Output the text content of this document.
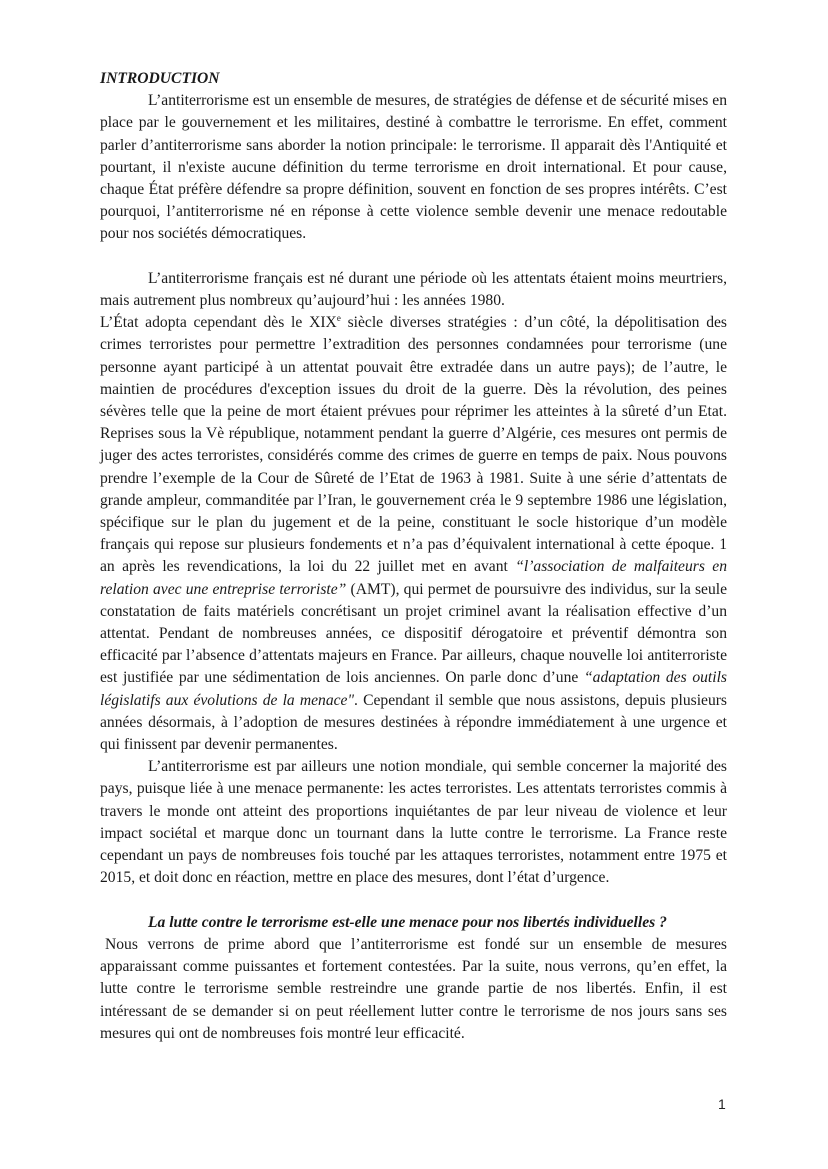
INTRODUCTION

L’antiterrorisme est un ensemble de mesures, de stratégies de défense et de sécurité mises en place par le gouvernement et les militaires, destiné à combattre le terrorisme. En effet, comment parler d’antiterrorisme sans aborder la notion principale: le terrorisme. Il apparait dès l'Antiquité et pourtant, il n'existe aucune définition du terme terrorisme en droit international. Et pour cause, chaque État préfère défendre sa propre définition, souvent en fonction de ses propres intérêts. C’est pourquoi, l’antiterrorisme né en réponse à cette violence semble devenir une menace redoutable pour nos sociétés démocratiques.

L’antiterrorisme français est né durant une période où les attentats étaient moins meurtriers, mais autrement plus nombreux qu’aujourd’hui : les années 1980.

L’État adopta cependant dès le XIXe siècle diverses stratégies : d’un côté, la dépolitisation des crimes terroristes pour permettre l’extradition des personnes condamnées pour terrorisme (une personne ayant participé à un attentat pouvait être extradée dans un autre pays); de l’autre, le maintien de procédures d'exception issues du droit de la guerre. Dès la révolution, des peines sévères telle que la peine de mort étaient prévues pour réprimer les atteintes à la sûreté d’un Etat. Reprises sous la Vè république, notamment pendant la guerre d’Algérie, ces mesures ont permis de juger des actes terroristes, considérés comme des crimes de guerre en temps de paix. Nous pouvons prendre l’exemple de la Cour de Sûreté de l’Etat de 1963 à 1981. Suite à une série d’attentats de grande ampleur, commanditée par l’Iran, le gouvernement créa le 9 septembre 1986 une législation, spécifique sur le plan du jugement et de la peine, constituant le socle historique d’un modèle français qui repose sur plusieurs fondements et n’a pas d’équivalent international à cette époque. 1 an après les revendications, la loi du 22 juillet met en avant “l’association de malfaiteurs en relation avec une entreprise terroriste” (AMT), qui permet de poursuivre des individus, sur la seule constatation de faits matériels concrétisant un projet criminel avant la réalisation effective d’un attentat. Pendant de nombreuses années, ce dispositif dérogatoire et préventif démontra son efficacité par l’absence d’attentats majeurs en France. Par ailleurs, chaque nouvelle loi antiterroriste est justifiée par une sédimentation de lois anciennes. On parle donc d’une “adaptation des outils législatifs aux évolutions de la menace". Cependant il semble que nous assistons, depuis plusieurs années désormais, à l’adoption de mesures destinées à répondre immédiatement à une urgence et qui finissent par devenir permanentes.

L’antiterrorisme est par ailleurs une notion mondiale, qui semble concerner la majorité des pays, puisque liée à une menace permanente: les actes terroristes. Les attentats terroristes commis à travers le monde ont atteint des proportions inquiétantes de par leur niveau de violence et leur impact sociétal et marque donc un tournant dans la lutte contre le terrorisme. La France reste cependant un pays de nombreuses fois touché par les attaques terroristes, notamment entre 1975 et 2015, et doit donc en réaction, mettre en place des mesures, dont l’état d’urgence.

La lutte contre le terrorisme est-elle une menace pour nos libertés individuelles ?

Nous verrons de prime abord que l’antiterrorisme est fondé sur un ensemble de mesures apparaissant comme puissantes et fortement contestées. Par la suite, nous verrons, qu’en effet, la lutte contre le terrorisme semble restreindre une grande partie de nos libertés. Enfin, il est intéressant de se demander si on peut réellement lutter contre le terrorisme de nos jours sans ses mesures qui ont de nombreuses fois montré leur efficacité.

1
